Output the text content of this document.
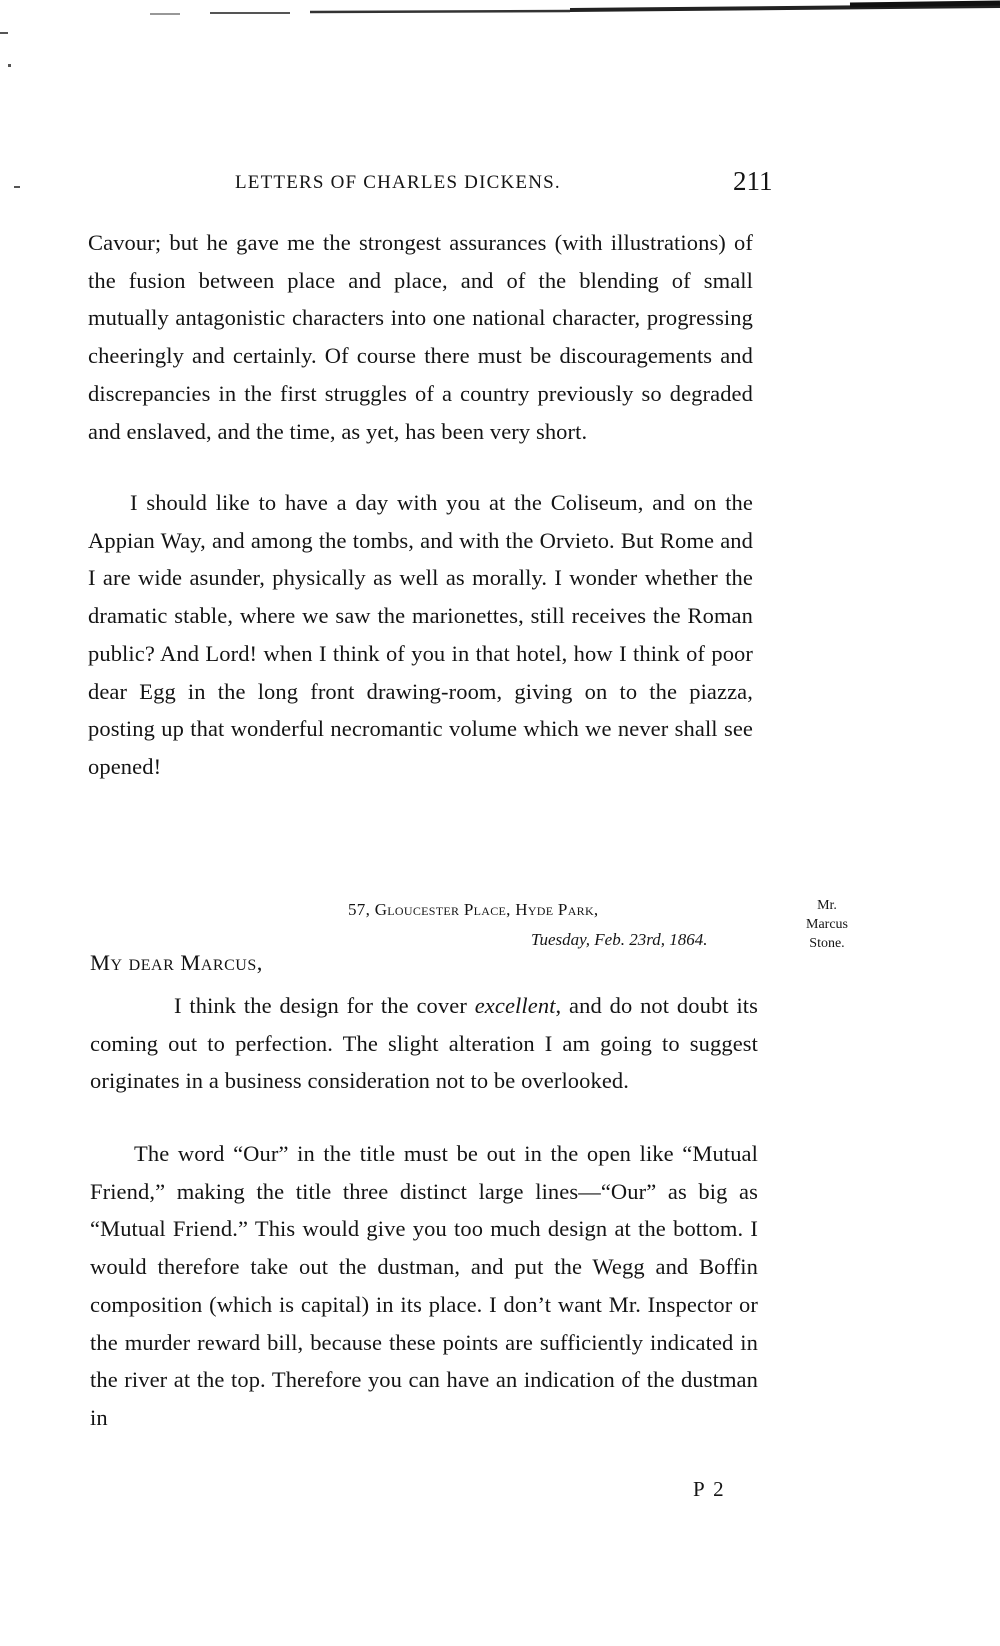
LETTERS OF CHARLES DICKENS.	211

Cavour; but he gave me the strongest assurances (with illustrations) of the fusion between place and place, and of the blending of small mutually antagonistic characters into one national character, progressing cheeringly and certainly. Of course there must be discouragements and discrepancies in the first struggles of a country previously so degraded and enslaved, and the time, as yet, has been very short.

I should like to have a day with you at the Coliseum, and on the Appian Way, and among the tombs, and with the Orvieto. But Rome and I are wide asunder, physically as well as morally. I wonder whether the dramatic stable, where we saw the marionettes, still receives the Roman public? And Lord! when I think of you in that hotel, how I think of poor dear Egg in the long front drawing-room, giving on to the piazza, posting up that wonderful necromantic volume which we never shall see opened!

57, Gloucester Place, Hyde Park,
Tuesday, Feb. 23rd, 1864.
Mr.
Marcus
Stone.
My dear Marcus,

I think the design for the cover excellent, and do not doubt its coming out to perfection. The slight alteration I am going to suggest originates in a business consideration not to be overlooked.

The word “Our” in the title must be out in the open like “Mutual Friend,” making the title three distinct large lines—“Our” as big as “Mutual Friend.” This would give you too much design at the bottom. I would therefore take out the dustman, and put the Wegg and Boffin composition (which is capital) in its place. I don’t want Mr. Inspector or the murder reward bill, because these points are sufficiently indicated in the river at the top. Therefore you can have an indication of the dustman in

P 2
